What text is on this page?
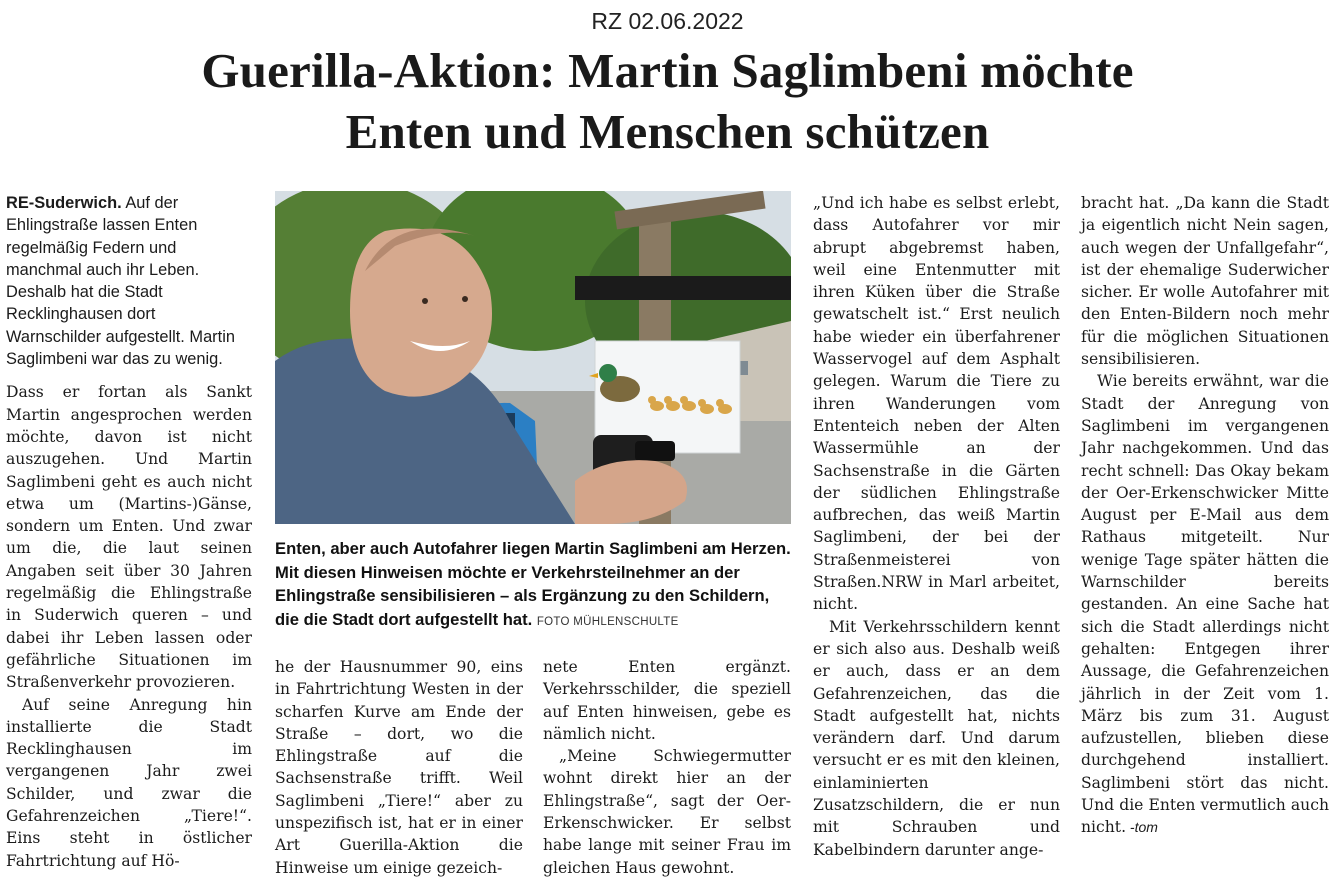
RZ 02.06.2022
Guerilla-Aktion: Martin Saglimbeni möchte
Enten und Menschen schützen

RE-Suderwich. Auf der Ehlingstraße lassen Enten regelmäßig Federn und manchmal auch ihr Leben. Deshalb hat die Stadt Recklinghausen dort Warnschilder aufgestellt. Martin Saglimbeni war das zu wenig.

Dass er fortan als Sankt Martin angesprochen werden möchte, davon ist nicht auszugehen. Und Martin Saglimbeni geht es auch nicht etwa um (Martins-)Gänse, sondern um Enten. Und zwar um die, die laut seinen Angaben seit über 30 Jahren regelmäßig die Ehlingstraße in Suderwich queren – und dabei ihr Leben lassen oder gefährliche Situationen im Straßenverkehr provozieren.

Auf seine Anregung hin installierte die Stadt Recklinghausen im vergangenen Jahr zwei Schilder, und zwar die Gefahrenzeichen „Tiere!“. Eins steht in östlicher Fahrtrichtung auf Hö-

Enten, aber auch Autofahrer liegen Martin Saglimbeni am Herzen. Mit diesen Hinweisen möchte er Verkehrsteilnehmer an der Ehlingstraße sensibilisieren – als Ergänzung zu den Schildern, die die Stadt dort aufgestellt hat. FOTO MÜHLENSCHULTE

he der Hausnummer 90, eins in Fahrtrichtung Westen in der scharfen Kurve am Ende der Straße – dort, wo die Ehlingstraße auf die Sachsenstraße trifft. Weil Saglimbeni „Tiere!“ aber zu unspezifisch ist, hat er in einer Art Guerilla-Aktion die Hinweise um einige gezeich-

nete Enten ergänzt. Verkehrsschilder, die speziell auf Enten hinweisen, gebe es nämlich nicht.

„Meine Schwiegermutter wohnt direkt hier an der Ehlingstraße“, sagt der Oer-Erkenschwicker. Er selbst habe lange mit seiner Frau im gleichen Haus gewohnt.

„Und ich habe es selbst erlebt, dass Autofahrer vor mir abrupt abgebremst haben, weil eine Entenmutter mit ihren Küken über die Straße gewatschelt ist.“ Erst neulich habe wieder ein überfahrener Wasservogel auf dem Asphalt gelegen. Warum die Tiere zu ihren Wanderungen vom Ententeich neben der Alten Wassermühle an der Sachsenstraße in die Gärten der südlichen Ehlingstraße aufbrechen, das weiß Martin Saglimbeni, der bei der Straßenmeisterei von Straßen.NRW in Marl arbeitet, nicht.

Mit Verkehrsschildern kennt er sich also aus. Deshalb weiß er auch, dass er an dem Gefahrenzeichen, das die Stadt aufgestellt hat, nichts verändern darf. Und darum versucht er es mit den kleinen, einlaminierten Zusatzschildern, die er nun mit Schrauben und Kabelbindern darunter ange-

bracht hat. „Da kann die Stadt ja eigentlich nicht Nein sagen, auch wegen der Unfallgefahr“, ist der ehemalige Suderwicher sicher. Er wolle Autofahrer mit den Enten-Bildern noch mehr für die möglichen Situationen sensibilisieren.

Wie bereits erwähnt, war die Stadt der Anregung von Saglimbeni im vergangenen Jahr nachgekommen. Und das recht schnell: Das Okay bekam der Oer-Erkenschwicker Mitte August per E-Mail aus dem Rathaus mitgeteilt. Nur wenige Tage später hätten die Warnschilder bereits gestanden. An eine Sache hat sich die Stadt allerdings nicht gehalten: Entgegen ihrer Aussage, die Gefahrenzeichen jährlich in der Zeit vom 1. März bis zum 31. August aufzustellen, blieben diese durchgehend installiert. Saglimbeni stört das nicht. Und die Enten vermutlich auch nicht. -tom
